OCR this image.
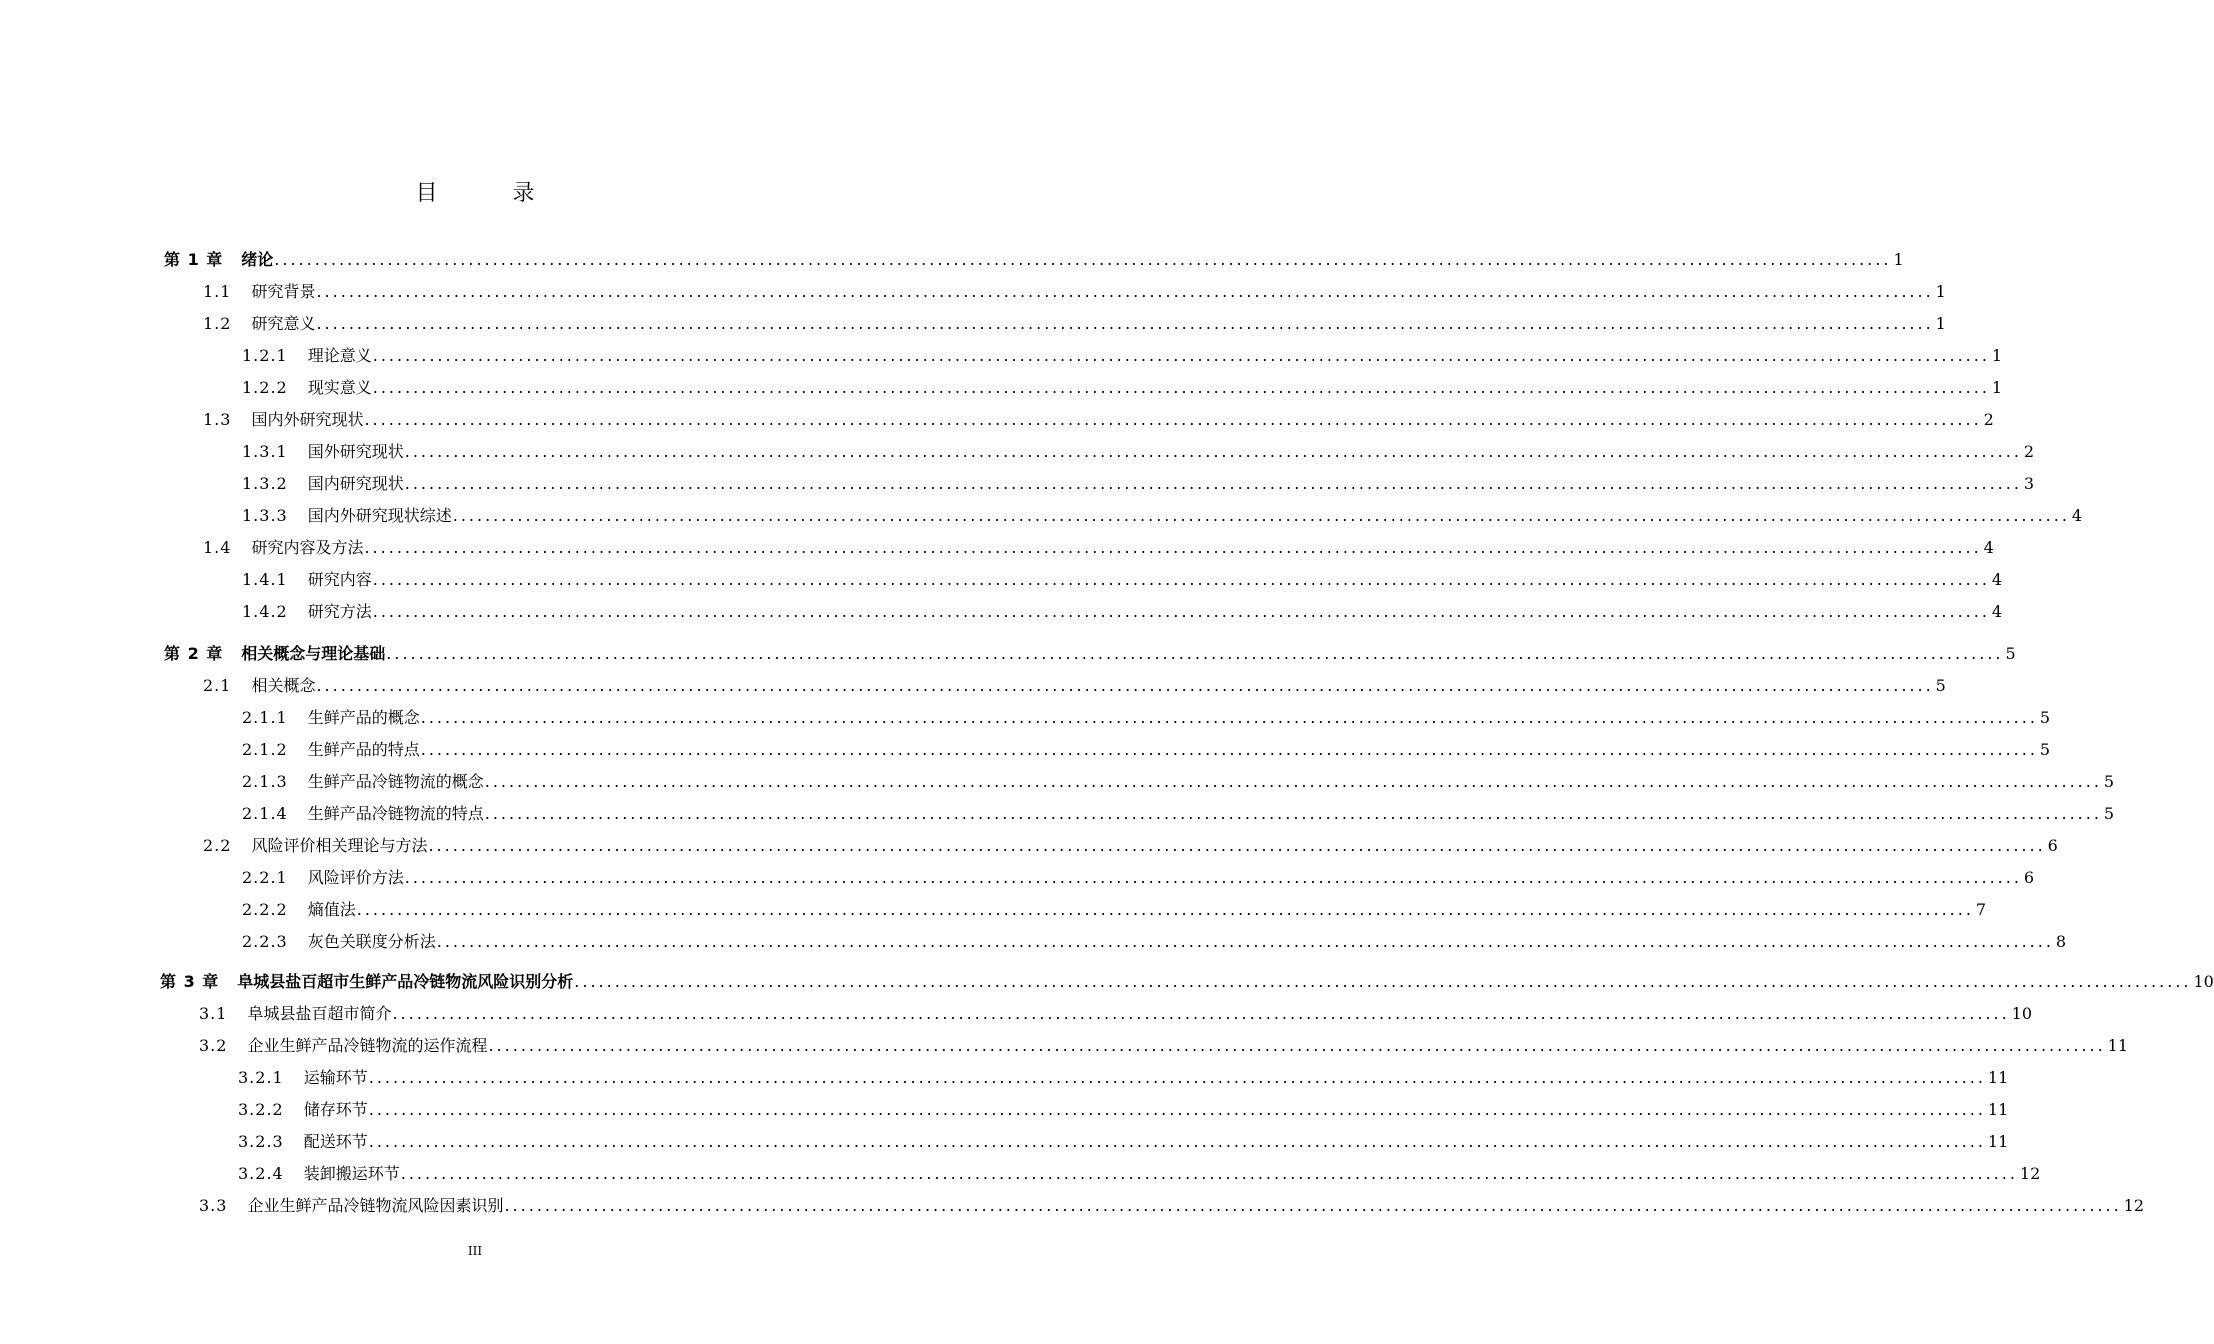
目 录
第 1 章 绪论 ........................................................................................................................................................................................................ 1
1.1 研究背景 ........................................................................................................................................................................................................ 1
1.2 研究意义 ........................................................................................................................................................................................................ 1
1.2.1 理论意义 ........................................................................................................................................................................................................ 1
1.2.2 现实意义 ........................................................................................................................................................................................................ 1
1.3 国内外研究现状 ........................................................................................................................................................................................................ 2
1.3.1 国外研究现状 ........................................................................................................................................................................................................ 2
1.3.2 国内研究现状 ........................................................................................................................................................................................................ 3
1.3.3 国内外研究现状综述 ........................................................................................................................................................................................................ 4
1.4 研究内容及方法 ........................................................................................................................................................................................................ 4
1.4.1 研究内容 ........................................................................................................................................................................................................ 4
1.4.2 研究方法 ........................................................................................................................................................................................................ 4
第 2 章 相关概念与理论基础 ........................................................................................................................................................................................................ 5
2.1 相关概念 ........................................................................................................................................................................................................ 5
2.1.1 生鲜产品的概念 ........................................................................................................................................................................................................ 5
2.1.2 生鲜产品的特点 ........................................................................................................................................................................................................ 5
2.1.3 生鲜产品冷链物流的概念 ........................................................................................................................................................................................................ 5
2.1.4 生鲜产品冷链物流的特点 ........................................................................................................................................................................................................ 5
2.2 风险评价相关理论与方法 ........................................................................................................................................................................................................ 6
2.2.1 风险评价方法 ........................................................................................................................................................................................................ 6
2.2.2 熵值法 ........................................................................................................................................................................................................ 7
2.2.3 灰色关联度分析法 ........................................................................................................................................................................................................ 8
第 3 章 阜城县盐百超市生鲜产品冷链物流风险识别分析 ........................................................................................................................................................................................................ 10
3.1 阜城县盐百超市简介 ........................................................................................................................................................................................................ 10
3.2 企业生鲜产品冷链物流的运作流程 ........................................................................................................................................................................................................ 11
3.2.1 运输环节 ........................................................................................................................................................................................................ 11
3.2.2 储存环节 ........................................................................................................................................................................................................ 11
3.2.3 配送环节 ........................................................................................................................................................................................................ 11
3.2.4 装卸搬运环节 ........................................................................................................................................................................................................ 12
3.3 企业生鲜产品冷链物流风险因素识别 ........................................................................................................................................................................................................ 12
III
